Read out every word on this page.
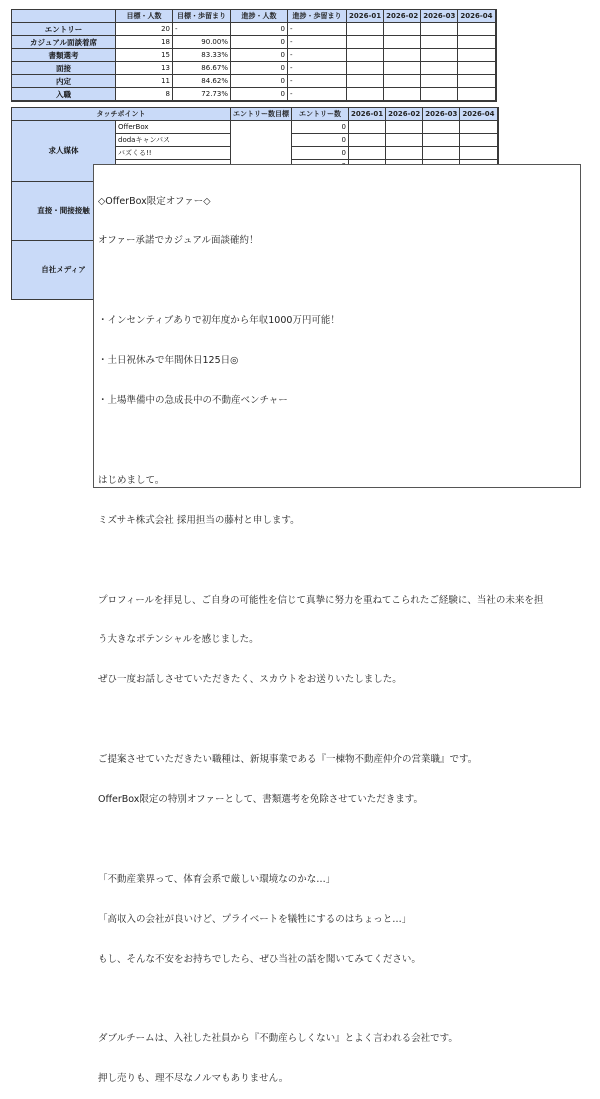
	目標・人数	目標・歩留まり	進捗・人数	進捗・歩留まり	2026-01	2026-02	2026-03	2026-04
エントリー	20	-	0	-				
カジュアル面談着席	18	90.00%	0	-				
書類選考	15	83.33%	0	-				
面接	13	86.67%	0	-				
内定	11	84.62%	0	-				
入職	8	72.73%	0	-				
タッチポイント		エントリー数目標	エントリー数	2026-01	2026-02	2026-03	2026-04
求人媒体	OfferBox		0				
	dodaキャンパス		0				
	バズくる!!		0				

直接・間接接触							
自社メディア							

◇OfferBox限定オファー◇

オファー承諾でカジュアル面談確約！

・インセンティブありで初年度から年収1000万円可能！

・土日祝休みで年間休日125日◎

・上場準備中の急成長中の不動産ベンチャー

はじめまして。

ミズサキ株式会社 採用担当の藤村と申します。

プロフィールを拝見し、ご自身の可能性を信じて真摯に努力を重ねてこられたご経験に、当社の未来を担

う大きなポテンシャルを感じました。

ぜひ一度お話しさせていただきたく、スカウトをお送りいたしました。

ご提案させていただきたい職種は、新規事業である『一棟物不動産仲介の営業職』です。

OfferBox限定の特別オファーとして、書類選考を免除させていただきます。

「不動産業界って、体育会系で厳しい環境なのかな…」

「高収入の会社が良いけど、プライベートを犠牲にするのはちょっと…」

もし、そんな不安をお持ちでしたら、ぜひ当社の話を聞いてみてください。

ダブルチームは、入社した社員から『不動産らしくない』とよく言われる会社です。

押し売りも、理不尽なノルマもありません。
